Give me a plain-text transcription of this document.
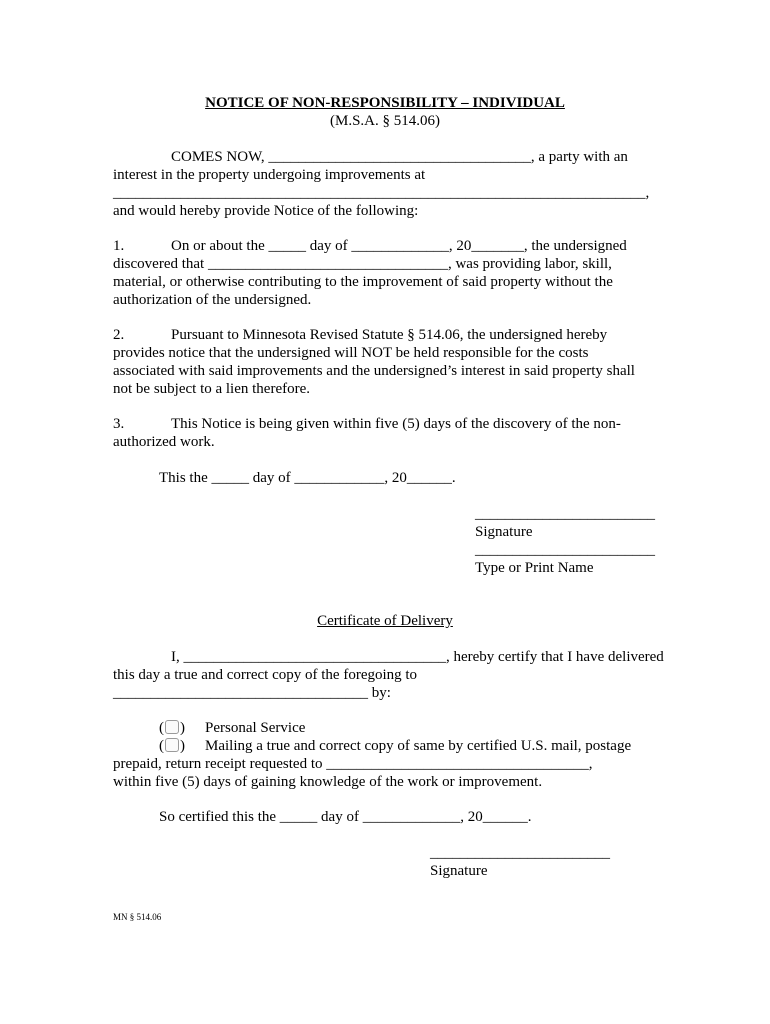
NOTICE OF NON-RESPONSIBILITY – INDIVIDUAL
(M.S.A. § 514.06)
COMES NOW, ___________________________________, a party with an
interest in the property undergoing improvements at
_______________________________________________________________________,
and would hereby provide Notice of the following:
1.	On or about the _____ day of _____________, 20_______, the undersigned
discovered that ________________________________, was providing labor, skill,
material, or otherwise contributing to the improvement of said property without the
authorization of the undersigned.
2.	Pursuant to Minnesota Revised Statute § 514.06, the undersigned hereby
provides notice that the undersigned will NOT be held responsible for the costs
associated with said improvements and the undersigned’s interest in said property shall
not be subject to a lien therefore.
3.	This Notice is being given within five (5) days of the discovery of the non-
authorized work.
This the _____ day of ____________, 20______.
________________________
Signature
________________________
Type or Print Name
Certificate of Delivery
I, ___________________________________, hereby certify that I have delivered
this day a true and correct copy of the foregoing to
__________________________________ by:
( ) Personal Service
( ) Mailing a true and correct copy of same by certified U.S. mail, postage
prepaid, return receipt requested to ___________________________________,
within five (5) days of gaining knowledge of the work or improvement.
So certified this the _____ day of _____________, 20______.
________________________
Signature
MN § 514.06
